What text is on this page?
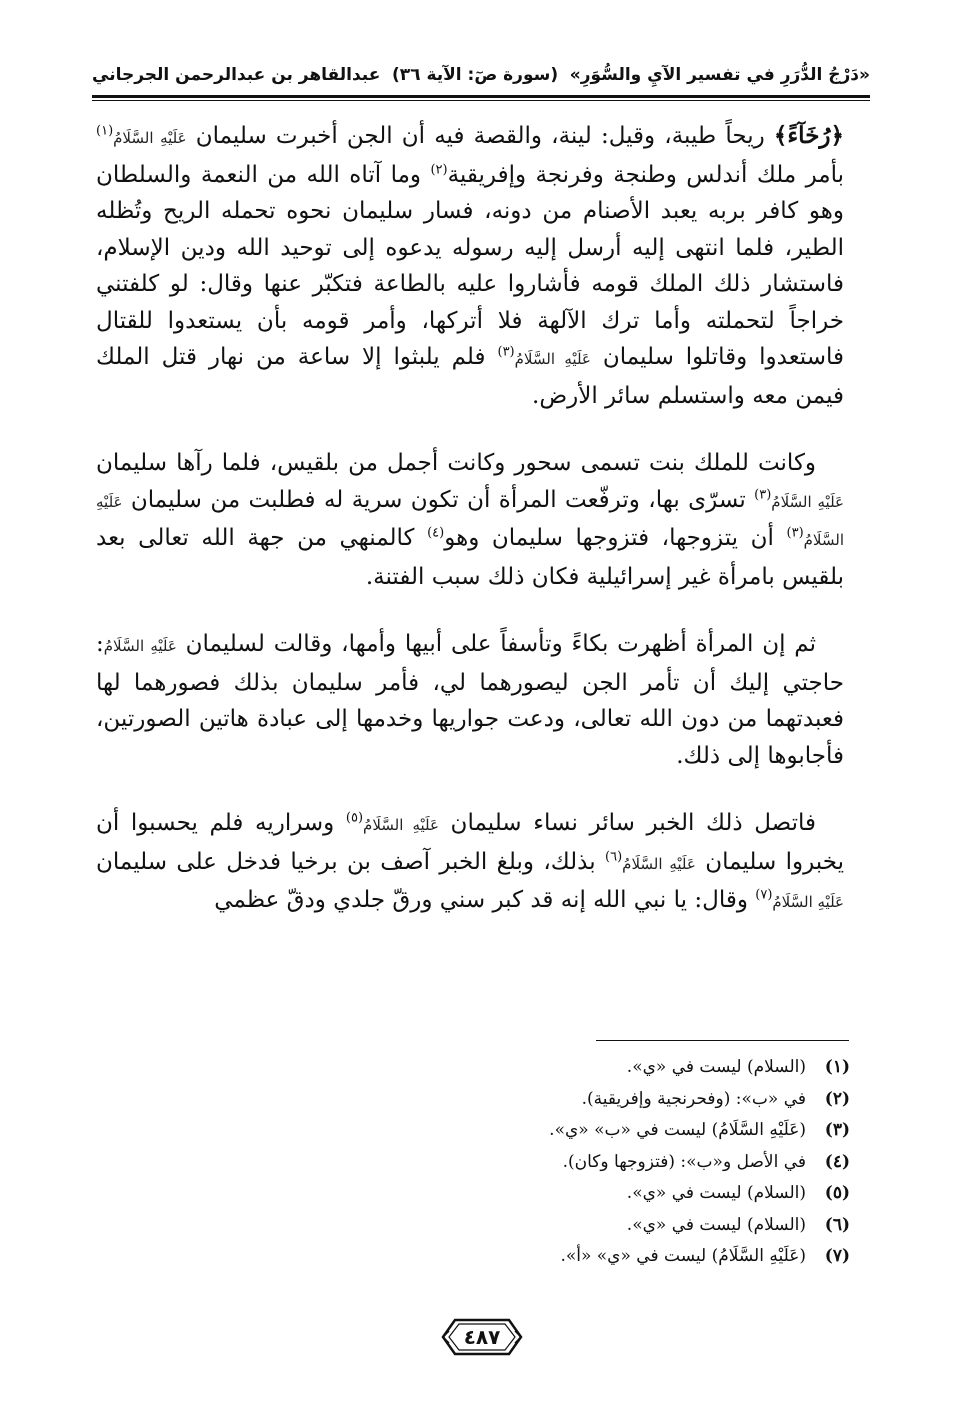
«دَرْجُ الدُّرَرِ في تفسير الآيِ والسُّوَرِ»
(سورة صٓ: الآية ٣٦)
عبدالقاهر بن عبدالرحمن الجرجاني

﴿رُخَآءً﴾ ريحاً طيبة، وقيل: لينة، والقصة فيه أن الجن أخبرت سليمان عَلَيْهِ السَّلَامُ$^{(١)}$ بأمر ملك أندلس وطنجة وفرنجة وإفريقية$^{(٢)}$ وما آتاه الله من النعمة والسلطان وهو كافر بربه يعبد الأصنام من دونه، فسار سليمان نحوه تحمله الريح وتُظله الطير، فلما انتهى إليه أرسل إليه رسوله يدعوه إلى توحيد الله ودين الإسلام، فاستشار ذلك الملك قومه فأشاروا عليه بالطاعة فتكبّر عنها وقال: لو كلفتني خراجاً لتحملته وأما ترك الآلهة فلا أتركها، وأمر قومه بأن يستعدوا للقتال فاستعدوا وقاتلوا سليمان عَلَيْهِ السَّلَامُ$^{(٣)}$ فلم يلبثوا إلا ساعة من نهار قتل الملك فيمن معه واستسلم سائر الأرض.

وكانت للملك بنت تسمى سحور وكانت أجمل من بلقيس، فلما رآها سليمان عَلَيْهِ السَّلَامُ$^{(٣)}$ تسرّى بها، وترفّعت المرأة أن تكون سرية له فطلبت من سليمان عَلَيْهِ السَّلَامُ$^{(٣)}$ أن يتزوجها، فتزوجها سليمان وهو$^{(٤)}$ كالمنهي من جهة الله تعالى بعد بلقيس بامرأة غير إسرائيلية فكان ذلك سبب الفتنة.

ثم إن المرأة أظهرت بكاءً وتأسفاً على أبيها وأمها، وقالت لسليمان عَلَيْهِ السَّلَامُ: حاجتي إليك أن تأمر الجن ليصورهما لي، فأمر سليمان بذلك فصورهما لها فعبدتهما من دون الله تعالى، ودعت جواريها وخدمها إلى عبادة هاتين الصورتين، فأجابوها إلى ذلك.

فاتصل ذلك الخبر سائر نساء سليمان عَلَيْهِ السَّلَامُ$^{(٥)}$ وسراريه فلم يحسبوا أن يخبروا سليمان عَلَيْهِ السَّلَامُ$^{(٦)}$ بذلك، وبلغ الخبر آصف بن برخيا فدخل على سليمان عَلَيْهِ السَّلَامُ$^{(٧)}$ وقال: يا نبي الله إنه قد كبر سني ورقّ جلدي ودقّ عظمي

(١)
(السلام) ليست في «ي».
(٢)
في «ب»: (وفحرنجية وإفريقية).
(٣)
(عَلَيْهِ السَّلَامُ) ليست في «ب» «ي».
(٤)
في الأصل و«ب»: (فتزوجها وكان).
(٥)
(السلام) ليست في «ي».
(٦)
(السلام) ليست في «ي».
(٧)
(عَلَيْهِ السَّلَامُ) ليست في «ي» «أ».
٤٨٧
